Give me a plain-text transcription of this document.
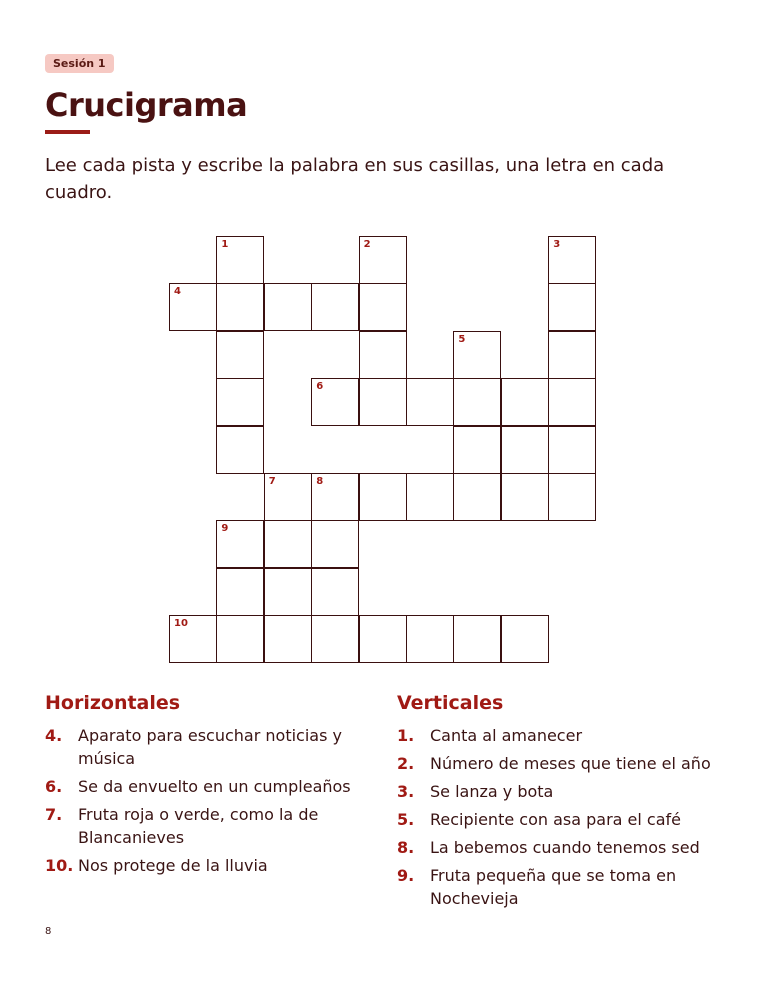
Sesión 1
Crucigrama

Lee cada pista y escribe la palabra en sus casillas, una letra en cada cuadro.

1	2	3
4
5
6
7	8
9
10
Horizontales
4. Aparato para escuchar noticias y música
6. Se da envuelto en un cumpleaños
7. Fruta roja o verde, como la de Blancanieves
10. Nos protege de la lluvia
Verticales
1. Canta al amanecer
2. Número de meses que tiene el año
3. Se lanza y bota
5. Recipiente con asa para el café
8. La bebemos cuando tenemos sed
9. Fruta pequeña que se toma en Nochevieja
8
